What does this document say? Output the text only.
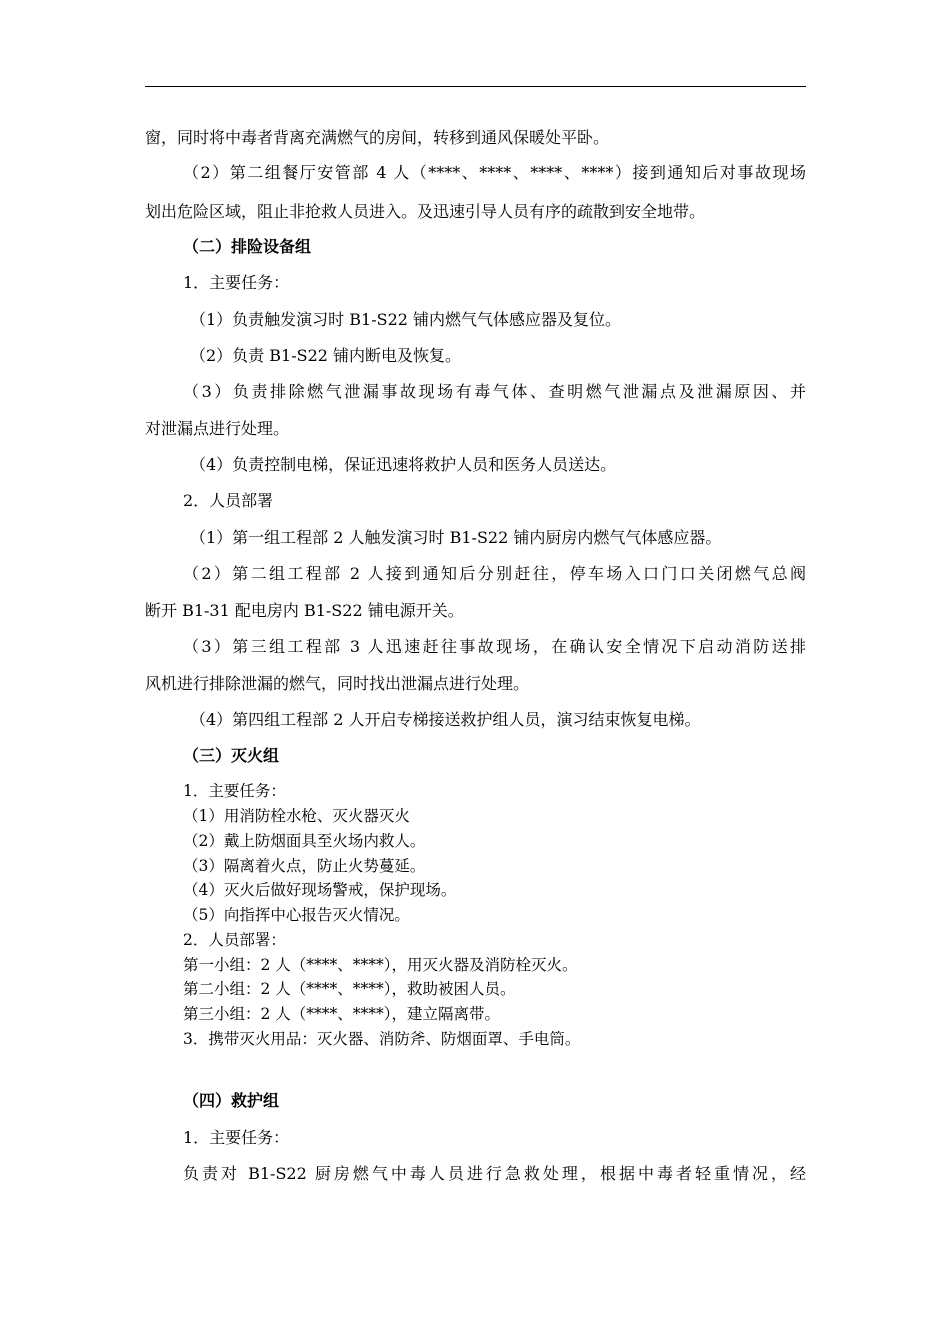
窗，同时将中毒者背离充满燃气的房间，转移到通风保暖处平卧。
（2）第二组餐厅安管部 4 人（****、****、****、****）接到通知后对事故现场
划出危险区域，阻止非抢救人员进入。及迅速引导人员有序的疏散到安全地带。
（二）排险设备组
1．主要任务：
（1）负责触发演习时 B1-S22 铺内燃气气体感应器及复位。
（2）负责 B1-S22 铺内断电及恢复。
（3）负责排除燃气泄漏事故现场有毒气体、查明燃气泄漏点及泄漏原因、并
对泄漏点进行处理。
（4）负责控制电梯，保证迅速将救护人员和医务人员送达。
2．人员部署
（1）第一组工程部 2 人触发演习时 B1-S22 铺内厨房内燃气气体感应器。
（2）第二组工程部 2 人接到通知后分别赶往，停车场入口门口关闭燃气总阀
断开 B1-31 配电房内 B1-S22 铺电源开关。
（3）第三组工程部 3 人迅速赶往事故现场，在确认安全情况下启动消防送排
风机进行排除泄漏的燃气，同时找出泄漏点进行处理。
（4）第四组工程部 2 人开启专梯接送救护组人员，演习结束恢复电梯。
（三）灭火组
1．主要任务：
（1）用消防栓水枪、灭火器灭火
（2）戴上防烟面具至火场内救人。
（3）隔离着火点，防止火势蔓延。
（4）灭火后做好现场警戒，保护现场。
（5）向指挥中心报告灭火情况。
2．人员部署：
第一小组：2 人（****、****），用灭火器及消防栓灭火。
第二小组：2 人（****、****），救助被困人员。
第三小组：2 人（****、****），建立隔离带。
3．携带灭火用品：灭火器、消防斧、防烟面罩、手电筒。
（四）救护组
1．主要任务：
负责对 B1-S22 厨房燃气中毒人员进行急救处理，根据中毒者轻重情况，经
